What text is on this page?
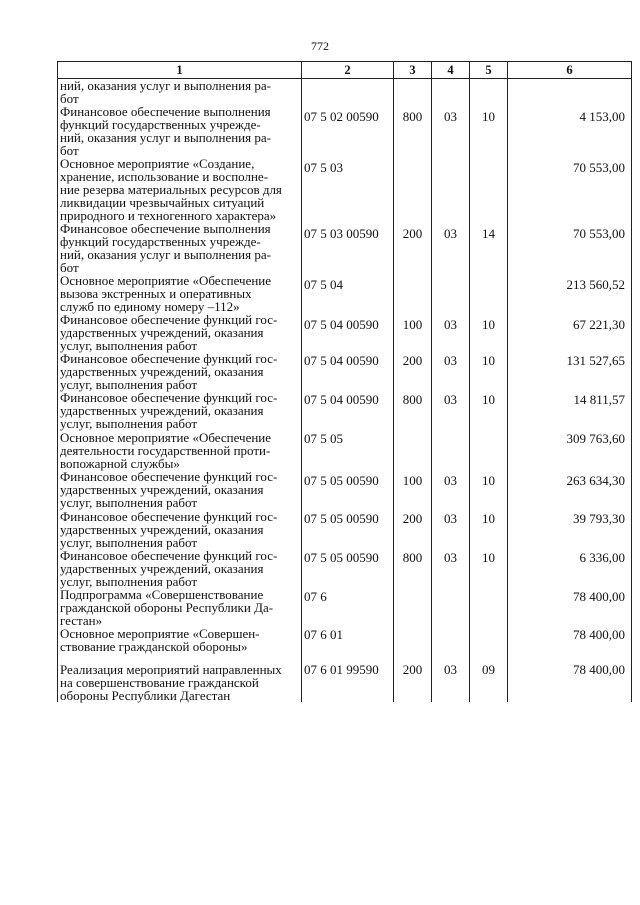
772
1	2	3	4	5	6

ний, оказания услуг и выполнения ра-
бот					

Финансовое обеспечение выполнения
функций государственных учрежде-
ний, оказания услуг и выполнения ра-
бот	07 5 02 00590	800	03	10	4 153,00

Основное мероприятие «Создание,
хранение, использование и восполне-
ние резерва материальных ресурсов для
ликвидации чрезвычайных ситуаций
природного и техногенного характера»	07 5 03				70 553,00

Финансовое обеспечение выполнения
функций государственных учрежде-
ний, оказания услуг и выполнения ра-
бот	07 5 03 00590	200	03	14	70 553,00

Основное мероприятие «Обеспечение
вызова экстренных и оперативных
служб по единому номеру –112»	07 5 04				213 560,52

Финансовое обеспечение функций гос-
ударственных учреждений, оказания
услуг, выполнения работ	07 5 04 00590	100	03	10	67 221,30

Финансовое обеспечение функций гос-
ударственных учреждений, оказания
услуг, выполнения работ	07 5 04 00590	200	03	10	131 527,65

Финансовое обеспечение функций гос-
ударственных учреждений, оказания
услуг, выполнения работ	07 5 04 00590	800	03	10	14 811,57

Основное мероприятие «Обеспечение
деятельности государственной проти-
вопожарной службы»	07 5 05				309 763,60

Финансовое обеспечение функций гос-
ударственных учреждений, оказания
услуг, выполнения работ	07 5 05 00590	100	03	10	263 634,30

Финансовое обеспечение функций гос-
ударственных учреждений, оказания
услуг, выполнения работ	07 5 05 00590	200	03	10	39 793,30

Финансовое обеспечение функций гос-
ударственных учреждений, оказания
услуг, выполнения работ	07 5 05 00590	800	03	10	6 336,00

Подпрограмма «Совершенствование
гражданской обороны Республики Да-
гестан»	07 6				78 400,00

Основное мероприятие «Совершен-
ствование гражданской обороны»	07 6 01				78 400,00

Реализация мероприятий направленных
на совершенствование гражданской
обороны Республики Дагестан	07 6 01 99590	200	03	09	78 400,00
